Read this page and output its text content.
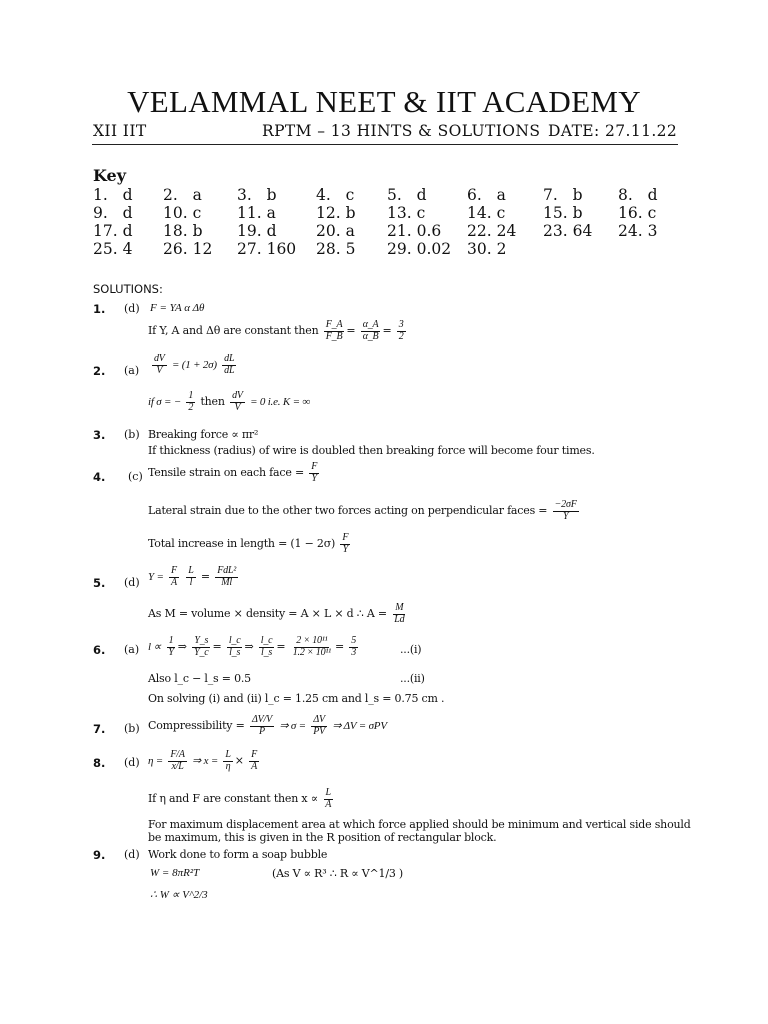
VELAMMAL NEET & IIT ACADEMY
XII IIT	RPTM – 13 HINTS & SOLUTIONS DATE: 27.11.22
Key
1.   d 2.   a 3.   b	4.   c 5.   d	6.   a 7.   b 8.   d
9.   d 10. c 11. a	12. b 13. c	14. c 15. b 16. c
17. d 18. b 19. d	20. a 21. 0.6 22. 24 23. 64 24. 3
25. 4 26. 12 27. 160 28. 5 29. 0.02 30. 2
SOLUTIONS:
1. (d) F = YA α Δθ
If Y, A and Δθ are constant then $\frac{F\_A}{F\_B} = \frac{\alpha\_A}{\alpha\_B} = \frac{3}{2}$
2. $(a) \frac{dV}{V} = (1 + 2\sigma) \frac{dL}{dL}$
if σ = − $\frac{1}{2}$ then $\frac{dV}{V} = 0$ i.e. K = ∞
3. (b) Breaking force ∝ πr²
If thickness (radius) of wire is doubled then breaking force will become four times.
4. (c) Tensile strain on each face = $\frac{F}{Y}$
Lateral strain due to the other two forces acting on perpendicular faces = $\frac{-2\sigma F}{Y}$
Total increase in length = $(1 - 2\sigma) \frac{F}{Y}$
5. (d) $Y = \frac{F}{A}$
$\frac{L}{l} = \frac{\text{FdL²}}{Ml}$
As M = volume × density = A × L × d ∴ $A = \frac{M}{Ld}$
6. (a) $l \propto \frac{1}{Y}$ ⇒ $\frac{Y\_s}{Y\_c} = \frac{l\_c}{l\_s}$ ⇒ $\frac{l\_c}{l\_s} = \frac{\text{2 × 10¹¹}}{\text{1.2 × 10¹¹}} = \frac{5}{3}$	...(i)
Also l_c − l_s = 0.5	...(ii)
On solving (i) and (ii) l_c = 1.25 cm and l_s = 0.75 cm .
7. (b) Compressibility = $\frac{\Delta V/V}{P}$ ⇒ $\sigma = \frac{\Delta V}{PV}$ ⇒ ΔV = σPV
8. (d) $\eta = \frac{F/A}{x/L}$ ⇒ $x = \frac{L}{\eta} \times \frac{F}{A}$
If η and F are constant then $x \propto \frac{L}{A}$
For maximum displacement area at which force applied should be minimum and vertical side should
be maximum, this is given in the R position of rectangular block.
9. (d) Work done to form a soap bubble
W = 8πR²T	(As V ∝ R³ ∴ R ∝ V^1/3 )
∴ W ∝ V^2/3
